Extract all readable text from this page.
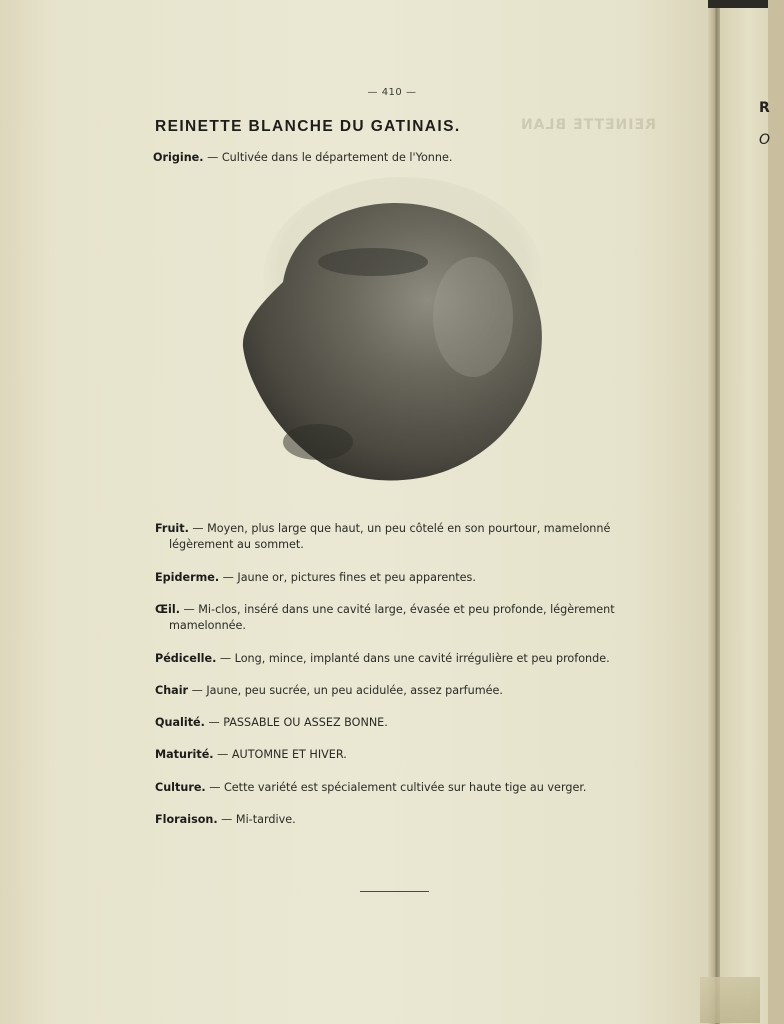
R
O
REINETTE BLAN
— 410 —
REINETTE BLANCHE DU GATINAIS.
Origine. — Cultivée dans le département de l'Yonne.
Fruit. — Moyen, plus large que haut, un peu côtelé en son pourtour, mamelonné
légèrement au sommet.
Epiderme. — Jaune or, pictures fines et peu apparentes.
Œil. — Mi-clos, inséré dans une cavité large, évasée et peu profonde, légèrement
mamelonnée.
Pédicelle. — Long, mince, implanté dans une cavité irrégulière et peu profonde.
Chair — Jaune, peu sucrée, un peu acidulée, assez parfumée.
Qualité. — PASSABLE OU ASSEZ BONNE.
Maturité. — AUTOMNE ET HIVER.
Culture. — Cette variété est spécialement cultivée sur haute tige au verger.
Floraison. — Mi-tardive.
